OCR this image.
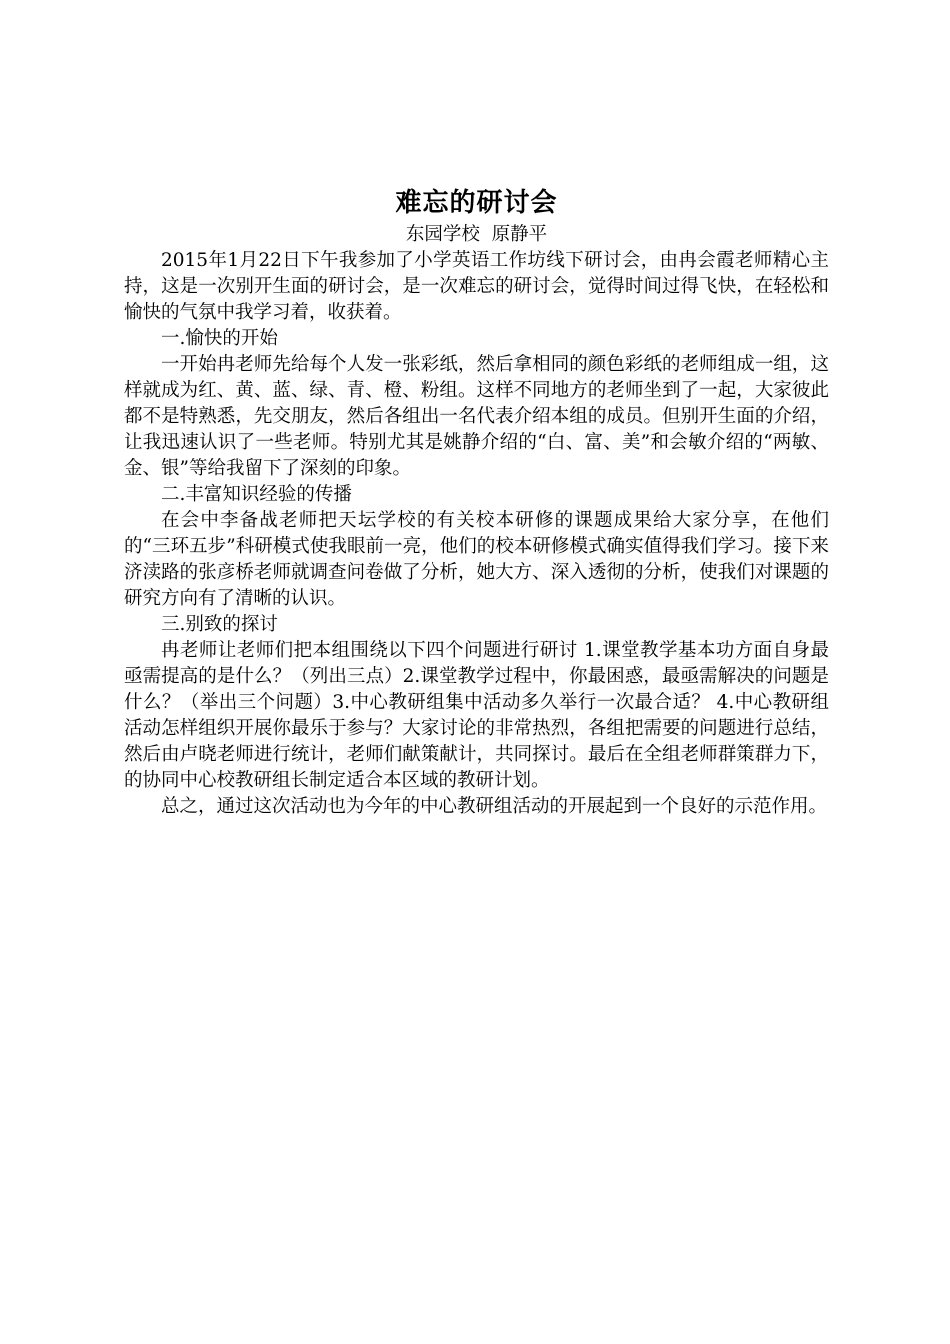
难忘的研讨会

东园学校  原静平

2015年1月22日下午我参加了小学英语工作坊线下研讨会，由冉会霞老师精心主持，这是一次别开生面的研讨会，是一次难忘的研讨会，觉得时间过得飞快，在轻松和愉快的气氛中我学习着，收获着。

一.愉快的开始

一开始冉老师先给每个人发一张彩纸，然后拿相同的颜色彩纸的老师组成一组，这样就成为红、黄、蓝、绿、青、橙、粉组。这样不同地方的老师坐到了一起，大家彼此都不是特熟悉，先交朋友，然后各组出一名代表介绍本组的成员。但别开生面的介绍，让我迅速认识了一些老师。特别尤其是姚静介绍的“白、富、美”和会敏介绍的“两敏、金、银”等给我留下了深刻的印象。

二.丰富知识经验的传播

在会中李备战老师把天坛学校的有关校本研修的课题成果给大家分享，在他们的“三环五步”科研模式使我眼前一亮，他们的校本研修模式确实值得我们学习。接下来济渎路的张彦桥老师就调查问卷做了分析，她大方、深入透彻的分析，使我们对课题的研究方向有了清晰的认识。

三.别致的探讨

冉老师让老师们把本组围绕以下四个问题进行研讨 1.课堂教学基本功方面自身最亟需提高的是什么？（列出三点）2.课堂教学过程中，你最困惑，最亟需解决的问题是什么？（举出三个问题）3.中心教研组集中活动多久举行一次最合适？ 4.中心教研组活动怎样组织开展你最乐于参与？大家讨论的非常热烈，各组把需要的问题进行总结，然后由卢晓老师进行统计，老师们献策献计，共同探讨。最后在全组老师群策群力下，的协同中心校教研组长制定适合本区域的教研计划。

总之，通过这次活动也为今年的中心教研组活动的开展起到一个良好的示范作用。
